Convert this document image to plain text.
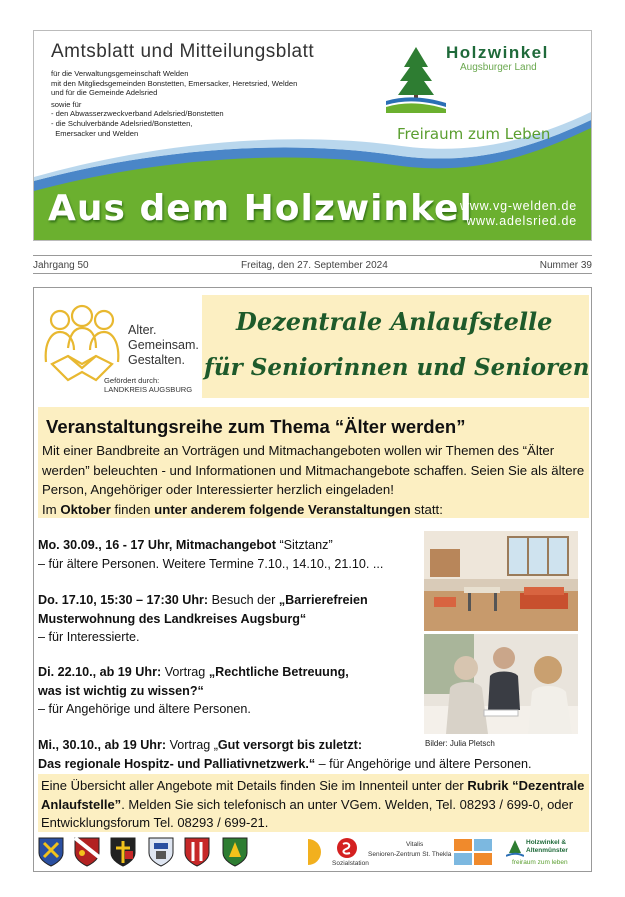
Amtsblatt und Mitteilungsblatt
für die Verwaltungsgemeinschaft Welden
mit den Mitgliedsgemeinden Bonstetten, Emersacker, Heretsried, Welden
und für die Gemeinde Adelsried
sowie für
- den Abwasserzweckverband Adelsried/Bonstetten
- die Schulverbände Adelsried/Bonstetten,
Emersacker und Welden
Holzwinkel
Augsburger Land
Freiraum zum Leben
Aus dem Holzwinkel
www.vg-welden.de
www.adelsried.de
Jahrgang 50	Freitag, den 27. September 2024	Nummer 39
Alter.
Gemeinsam.
Gestalten.
Gefördert durch:
LANDKREIS AUGSBURG
Dezentrale Anlaufstelle
für Seniorinnen und Senioren
Veranstaltungsreihe zum Thema “Älter werden”
Mit einer Bandbreite an Vorträgen und Mitmachangeboten wollen wir Themen des “Älter werden” beleuchten - und Informationen und Mitmachangebote schaffen. Seien Sie als ältere Person, Angehöriger oder Interessierter herzlich eingeladen!
Im Oktober finden unter anderem folgende Veranstaltungen statt:
Mo. 30.09., 16 - 17 Uhr, Mitmachangebot “Sitztanz”
– für ältere Personen. Weitere Termine 7.10., 14.10., 21.10. ...
Do. 17.10, 15:30 – 17:30 Uhr: Besuch der „Barrierefreien
Musterwohnung des Landkreises Augsburg“
– für Interessierte.
Di. 22.10., ab 19 Uhr: Vortrag „Rechtliche Betreuung,
was ist wichtig zu wissen?“
– für Angehörige und ältere Personen.
Mi., 30.10., ab 19 Uhr: Vortrag „Gut versorgt bis zuletzt:
Das regionale Hospitz- und Palliativnetzwerk.“ – für Angehörige und ältere Personen.
Bilder: Julia Pletsch
Eine Übersicht aller Angebote mit Details finden Sie im Innenteil unter der Rubrik “Dezentrale Anlaufstelle”. Melden Sie sich telefonisch an unter VGem. Welden, Tel. 08293 / 699-0, oder Entwicklungsforum Tel. 08293 / 699-21.
Sozialstation
Vitalis
Senioren-Zentrum St. Thekla
Holzwinkel &
Altenmünster
freiraum zum leben
